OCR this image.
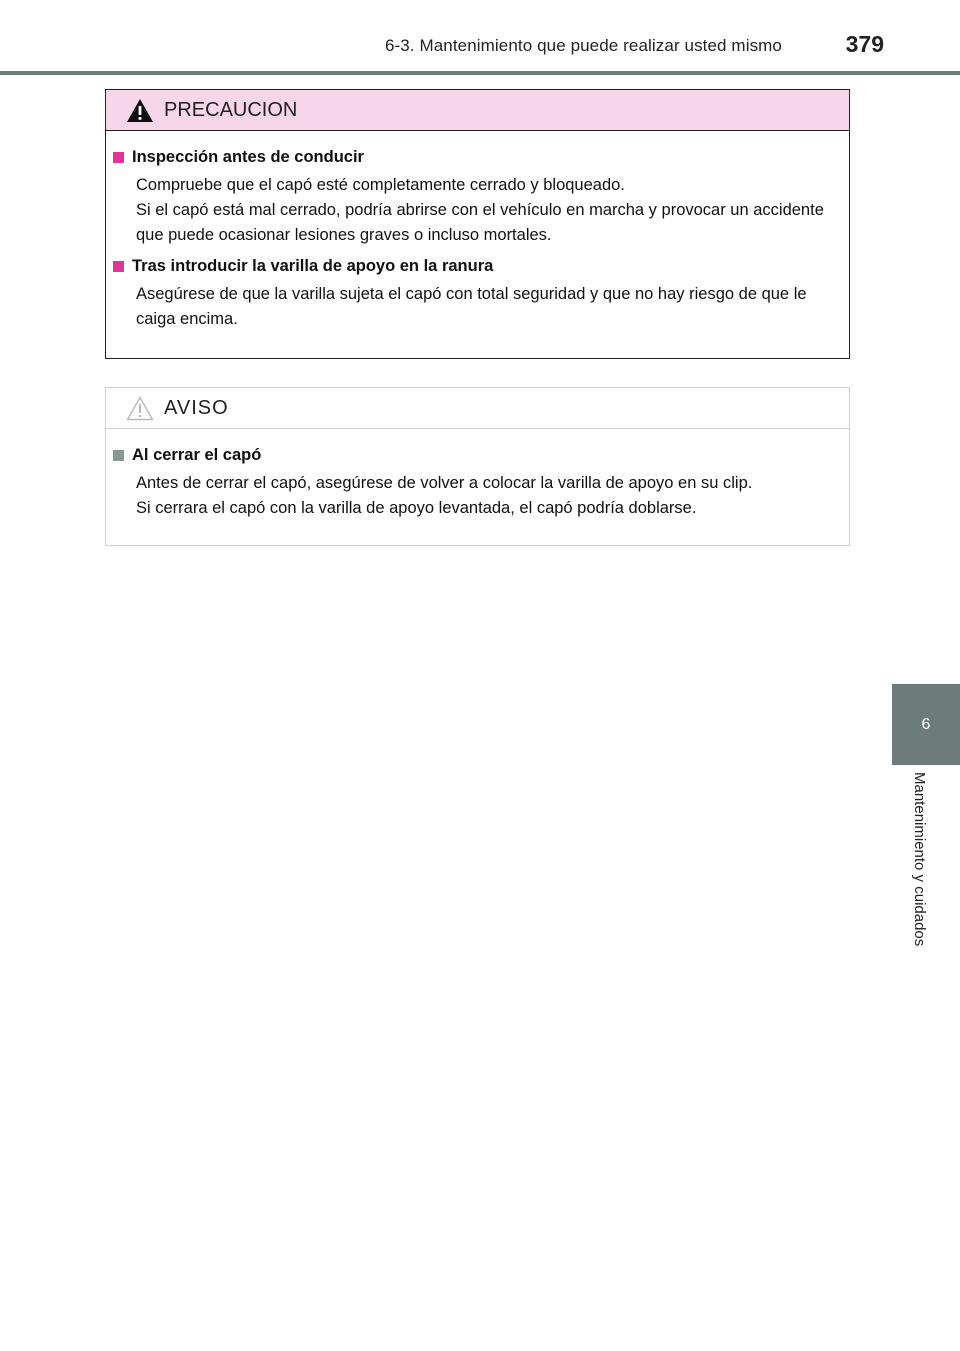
6-3. Mantenimiento que puede realizar usted mismo	379
6
Mantenimiento y cuidados
PRECAUCION
Inspección antes de conducir

Compruebe que el capó esté completamente cerrado y bloqueado.

Si el capó está mal cerrado, podría abrirse con el vehículo en marcha y provocar un accidente que puede ocasionar lesiones graves o incluso mortales.

Tras introducir la varilla de apoyo en la ranura

Asegúrese de que la varilla sujeta el capó con total seguridad y que no hay riesgo de que le caiga encima.

AVISO
Al cerrar el capó

Antes de cerrar el capó, asegúrese de volver a colocar la varilla de apoyo en su clip.

Si cerrara el capó con la varilla de apoyo levantada, el capó podría doblarse.
